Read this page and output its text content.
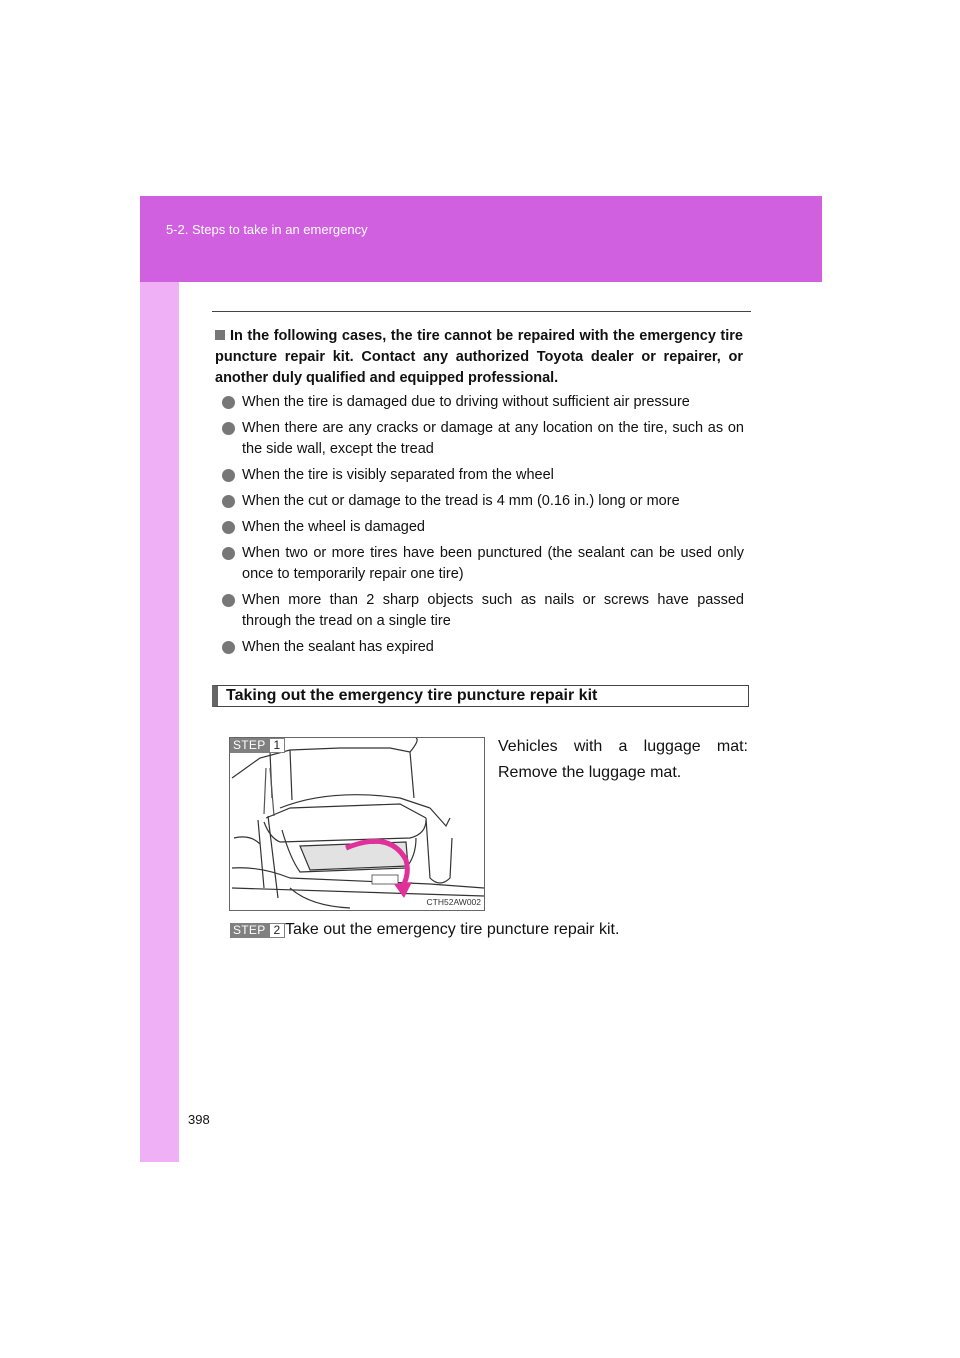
5-2. Steps to take in an emergency
398
In the following cases, the tire cannot be repaired with the emergency tire puncture repair kit. Contact any authorized Toyota dealer or repairer, or another duly qualified and equipped professional.
When the tire is damaged due to driving without sufficient air pressure
When there are any cracks or damage at any location on the tire, such as on the side wall, except the tread
When the tire is visibly separated from the wheel
When the cut or damage to the tread is 4 mm (0.16 in.) long or more
When the wheel is damaged
When two or more tires have been punctured (the sealant can be used only once to temporarily repair one tire)
When more than 2 sharp objects such as nails or screws have passed through the tread on a single tire
When the sealant has expired
Taking out the emergency tire puncture repair kit
CTH52AW002
STEP 1	Vehicles with a luggage mat: Remove the luggage mat.
STEP 2 Take out the emergency tire puncture repair kit.
